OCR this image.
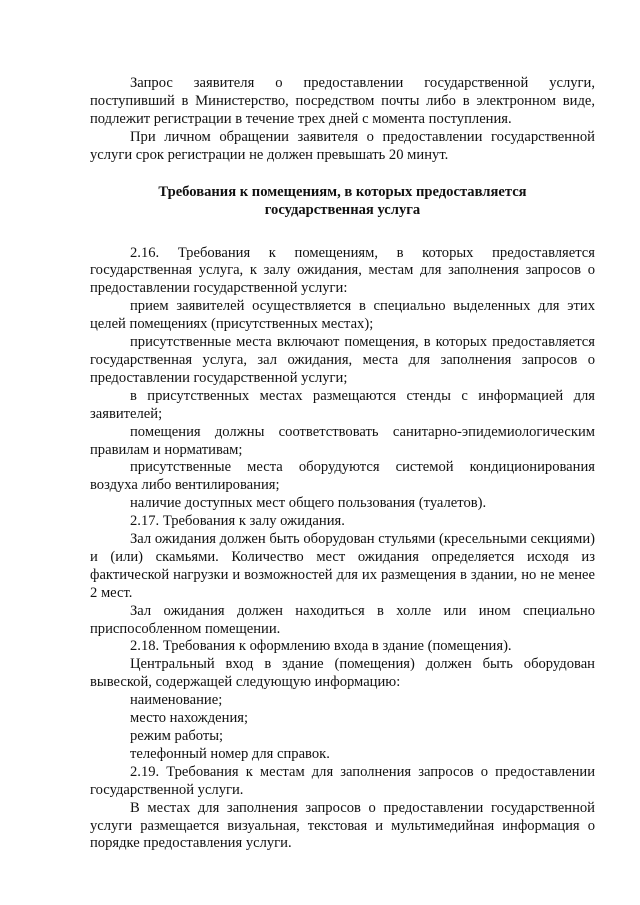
Запрос заявителя о предоставлении государственной услуги, поступивший в Министерство, посредством почты либо в электронном виде, подлежит регистрации в течение трех дней с момента поступления.

При личном обращении заявителя о предоставлении государственной услуги срок регистрации не должен превышать 20 минут.

Требования к помещениям, в которых предоставляется
государственная услуга

2.16. Требования к помещениям, в которых предоставляется государственная услуга, к залу ожидания, местам для заполнения запросов о предоставлении государственной услуги:

прием заявителей осуществляется в специально выделенных для этих целей помещениях (присутственных местах);

присутственные места включают помещения, в которых предоставляется государственная услуга, зал ожидания, места для заполнения запросов о предоставлении государственной услуги;

в присутственных местах размещаются стенды с информацией для заявителей;

помещения должны соответствовать санитарно-эпидемиологическим правилам и нормативам;

присутственные места оборудуются системой кондиционирования воздуха либо вентилирования;

наличие доступных мест общего пользования (туалетов).

2.17. Требования к залу ожидания.

Зал ожидания должен быть оборудован стульями (кресельными секциями) и (или) скамьями. Количество мест ожидания определяется исходя из фактической нагрузки и возможностей для их размещения в здании, но не менее 2 мест.

Зал ожидания должен находиться в холле или ином специально приспособленном помещении.

2.18. Требования к оформлению входа в здание (помещения).

Центральный вход в здание (помещения) должен быть оборудован вывеской, содержащей следующую информацию:

наименование;

место нахождения;

режим работы;

телефонный номер для справок.

2.19. Требования к местам для заполнения запросов о предоставлении государственной услуги.

В местах для заполнения запросов о предоставлении государственной услуги размещается визуальная, текстовая и мультимедийная информация о порядке предоставления услуги.
